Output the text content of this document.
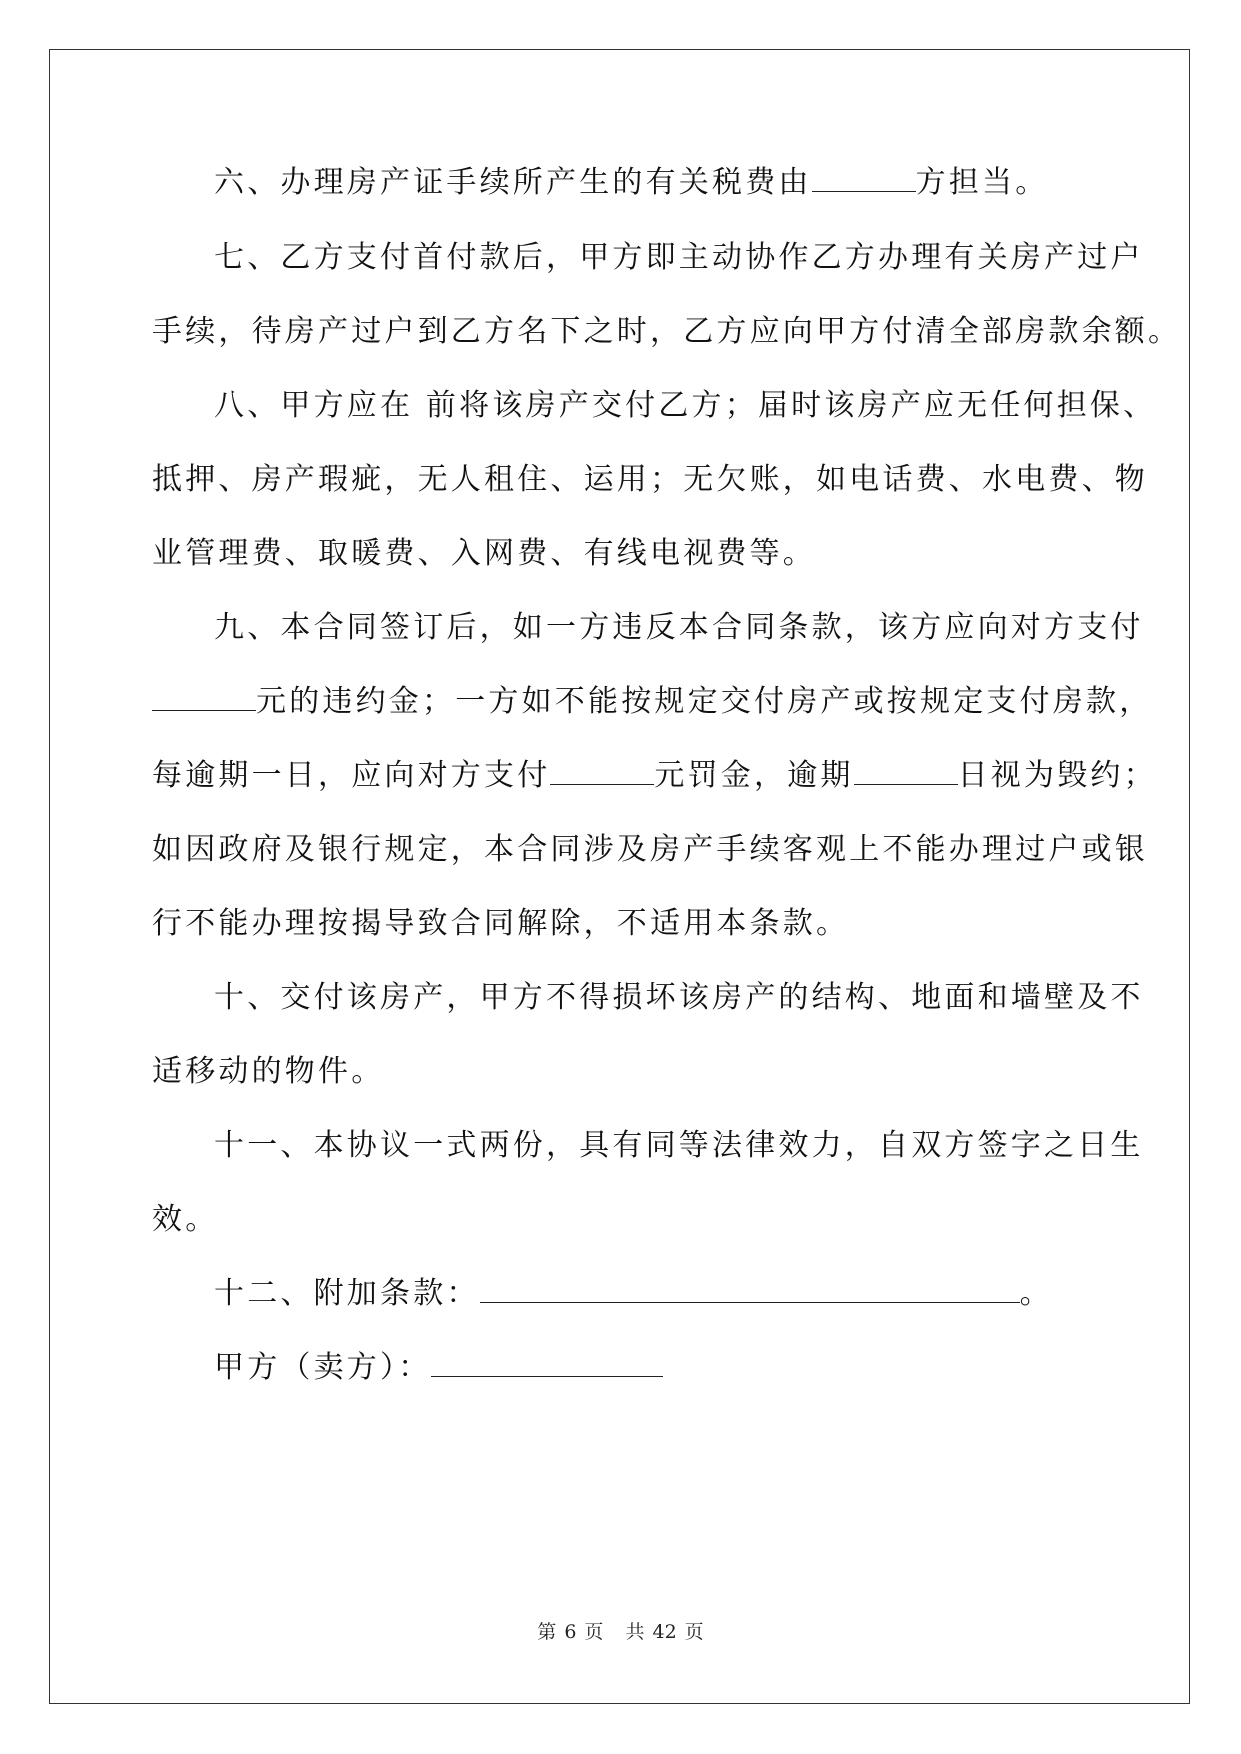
六、办理房产证手续所产生的有关税费由	方担当。
七、乙方支付首付款后，甲方即主动协作乙方办理有关房产过户
手续，待房产过户到乙方名下之时，乙方应向甲方付清全部房款余额。
八、甲方应在 前将该房产交付乙方；届时该房产应无任何担保、
抵押、房产瑕疵，无人租住、运用；无欠账，如电话费、水电费、物
业管理费、取暖费、入网费、有线电视费等。
九、本合同签订后，如一方违反本合同条款，该方应向对方支付
元的违约金；一方如不能按规定交付房产或按规定支付房款，
每逾期一日，应向对方支付	元罚金，逾期	日视为毁约；
如因政府及银行规定，本合同涉及房产手续客观上不能办理过户或银
行不能办理按揭导致合同解除，不适用本条款。
十、交付该房产，甲方不得损坏该房产的结构、地面和墙壁及不
适移动的物件。
十一、本协议一式两份，具有同等法律效力，自双方签字之日生
效。
十二、附加条款：	。
甲方（卖方）：
第 6 页 共 42 页
